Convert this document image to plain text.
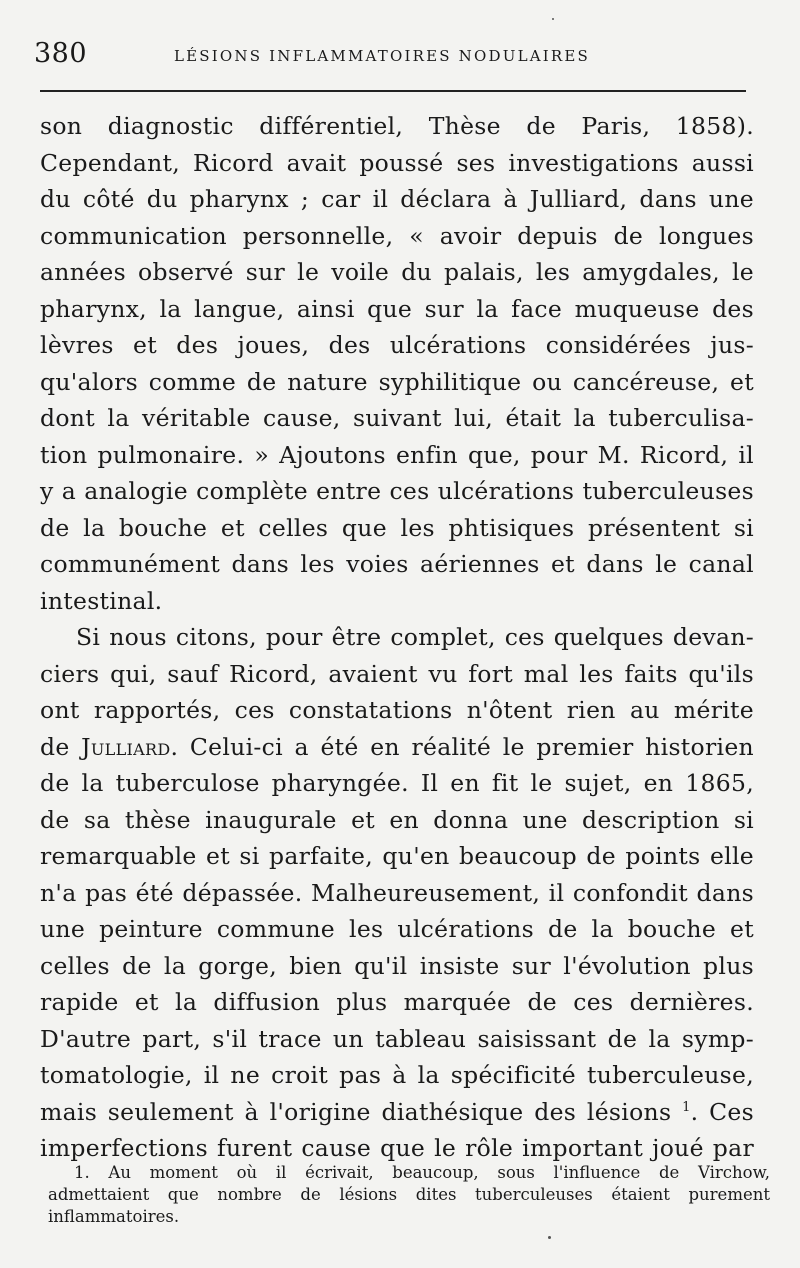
380	LÉSIONS INFLAMMATOIRES NODULAIRES
son diagnostic différentiel, Thèse de Paris, 1858).
Cependant, Ricord avait poussé ses investigations aussi
du côté du pharynx ; car il déclara à Julliard, dans une
communication personnelle, « avoir depuis de longues
années observé sur le voile du palais, les amygdales, le
pharynx, la langue, ainsi que sur la face muqueuse des
lèvres et des joues, des ulcérations considérées jus-
qu'alors comme de nature syphilitique ou cancéreuse, et
dont la véritable cause, suivant lui, était la tuberculisa-
tion pulmonaire. » Ajoutons enfin que, pour M. Ricord, il
y a analogie complète entre ces ulcérations tuberculeuses
de la bouche et celles que les phtisiques présentent si
communément dans les voies aériennes et dans le canal
intestinal.
Si nous citons, pour être complet, ces quelques devan-
ciers qui, sauf Ricord, avaient vu fort mal les faits qu'ils
ont rapportés, ces constatations n'ôtent rien au mérite
de Julliard. Celui-ci a été en réalité le premier historien
de la tuberculose pharyngée. Il en fit le sujet, en 1865,
de sa thèse inaugurale et en donna une description si
remarquable et si parfaite, qu'en beaucoup de points elle
n'a pas été dépassée. Malheureusement, il confondit dans
une peinture commune les ulcérations de la bouche et
celles de la gorge, bien qu'il insiste sur l'évolution plus
rapide et la diffusion plus marquée de ces dernières.
D'autre part, s'il trace un tableau saisissant de la symp-
tomatologie, il ne croit pas à la spécificité tuberculeuse,
mais seulement à l'origine diathésique des lésions $^1$. Ces
imperfections furent cause que le rôle important joué par
1. Au moment où il écrivait, beaucoup, sous l'influence de Virchow,
admettaient que nombre de lésions dites tuberculeuses étaient purement
inflammatoires.
